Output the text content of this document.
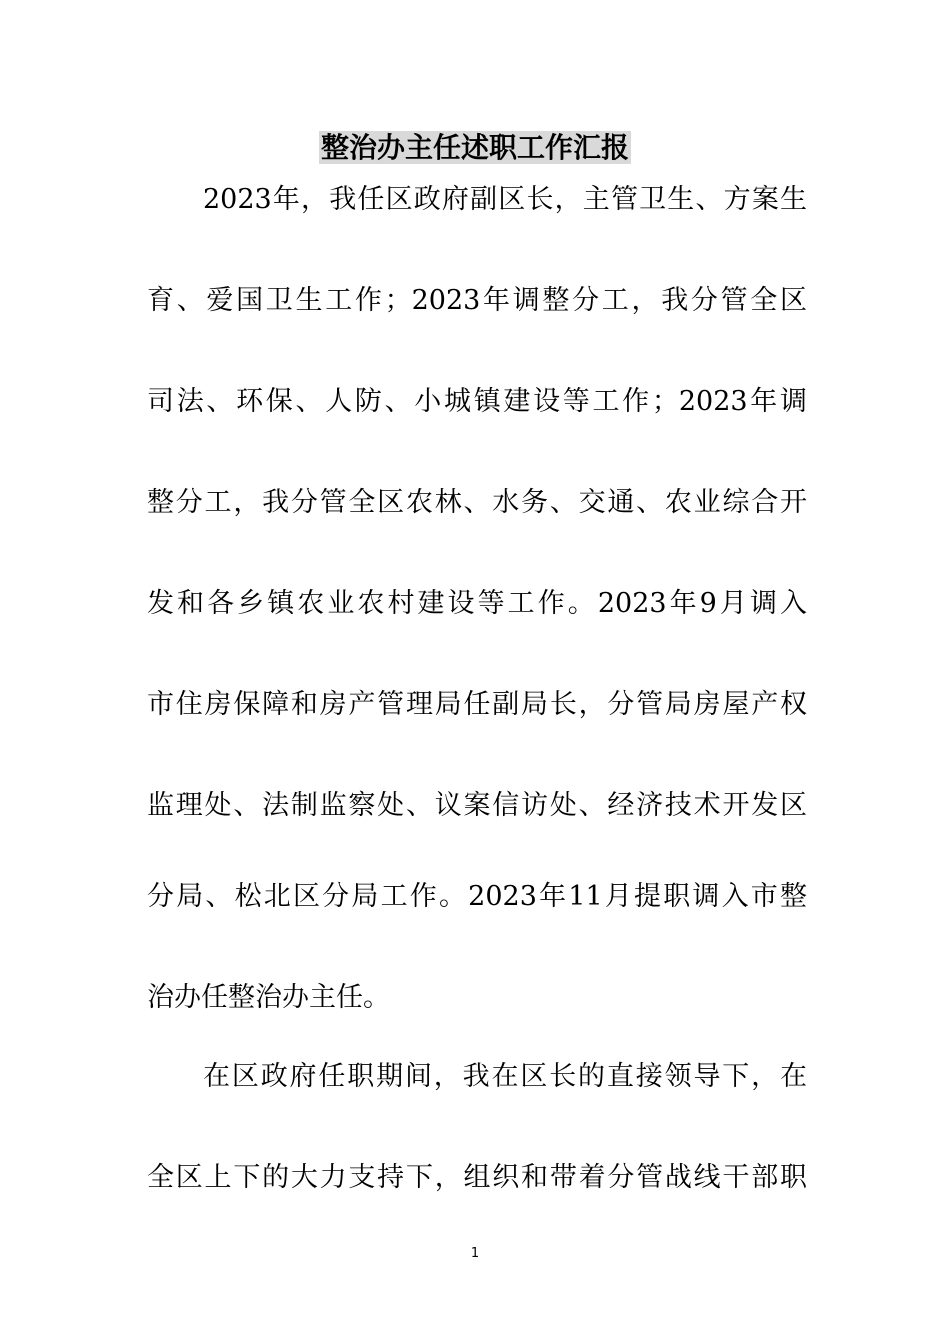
整治办主任述职工作汇报
2023年，我任区政府副区长，主管卫生、方案生
育、爱国卫生工作；2023年调整分工，我分管全区
司法、环保、人防、小城镇建设等工作；2023年调
整分工，我分管全区农林、水务、交通、农业综合开
发和各乡镇农业农村建设等工作。2023年9月调入
市住房保障和房产管理局任副局长，分管局房屋产权
监理处、法制监察处、议案信访处、经济技术开发区
分局、松北区分局工作。2023年11月提职调入市整
治办任整治办主任。
在区政府任职期间，我在区长的直接领导下，在
全区上下的大力支持下，组织和带着分管战线干部职
1
